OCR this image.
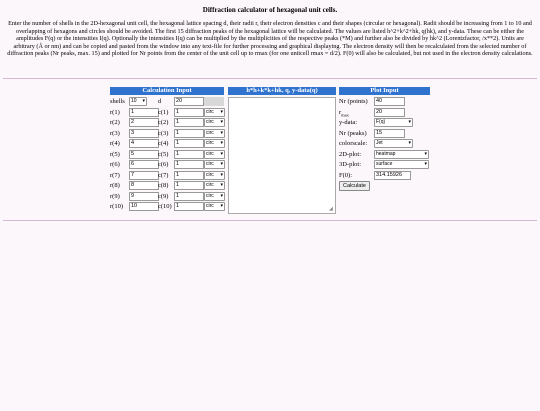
Diffraction calculator of hexagonal unit cells.
Enter the number of shells in the 2D-hexagonal unit cell, the hexagonal lattice spacing d, their radii r, their electron densities c and their shapes (circular or hexagonal). Radii should be increasing from 1 to 10 and overlapping of hexagons and circles should be avoided. The first 15 diffraction peaks of the hexagonal lattice will be calculated. The values are listed h^2+k^2+hk, q(hk), and y-data. These can be either the amplitudes F(q) or the intensities I(q). Optionally the intensities I(q) can be multiplied by the multiplicities of the respective peaks (*M) and further also be divided by hk^2 (Lorentzfactor, /x**2). Units are arbitrary (Å or nm) and can be copied and pasted from the window into any text-file for further processing and graphical displaying. The electron density will then be recalculated from the selected number of diffraction peaks (Nr peaks, max. 15) and plotted for Nr points from the center of the unit cell up to rmax (for one unitcell rmax = d/2). F(0) will also be calculated, but not used in the electron density calculations.
Calculation Input
shells	10 ▾ d	20
r(1)	1	c(1)	1	circ ▾
r(2)	2	c(2)	1	circ ▾
r(3)	3	c(3)	1	circ ▾
r(4)	4	c(4)	1	circ ▾
r(5)	5	c(5)	1	circ ▾
r(6)	6	c(6)	1	circ ▾
r(7)	7	c(7)	1	circ ▾
r(8)	8	c(8)	1	circ ▾
r(9)	9	c(9)	1	circ ▾
r(10)	10	c(10) 1	circ ▾
h*h+k*k+hk, q, y-data(q)	Plot Input
Nr (points)	40
$r_{max}$	20
y-data:	F(q)	▾
Nr (peaks)	15
colorscale:	Jet	▾
2D-plot:	heatmap	▾
3D-plot:	surface	▾
F(0):	314.15926
Calculate
